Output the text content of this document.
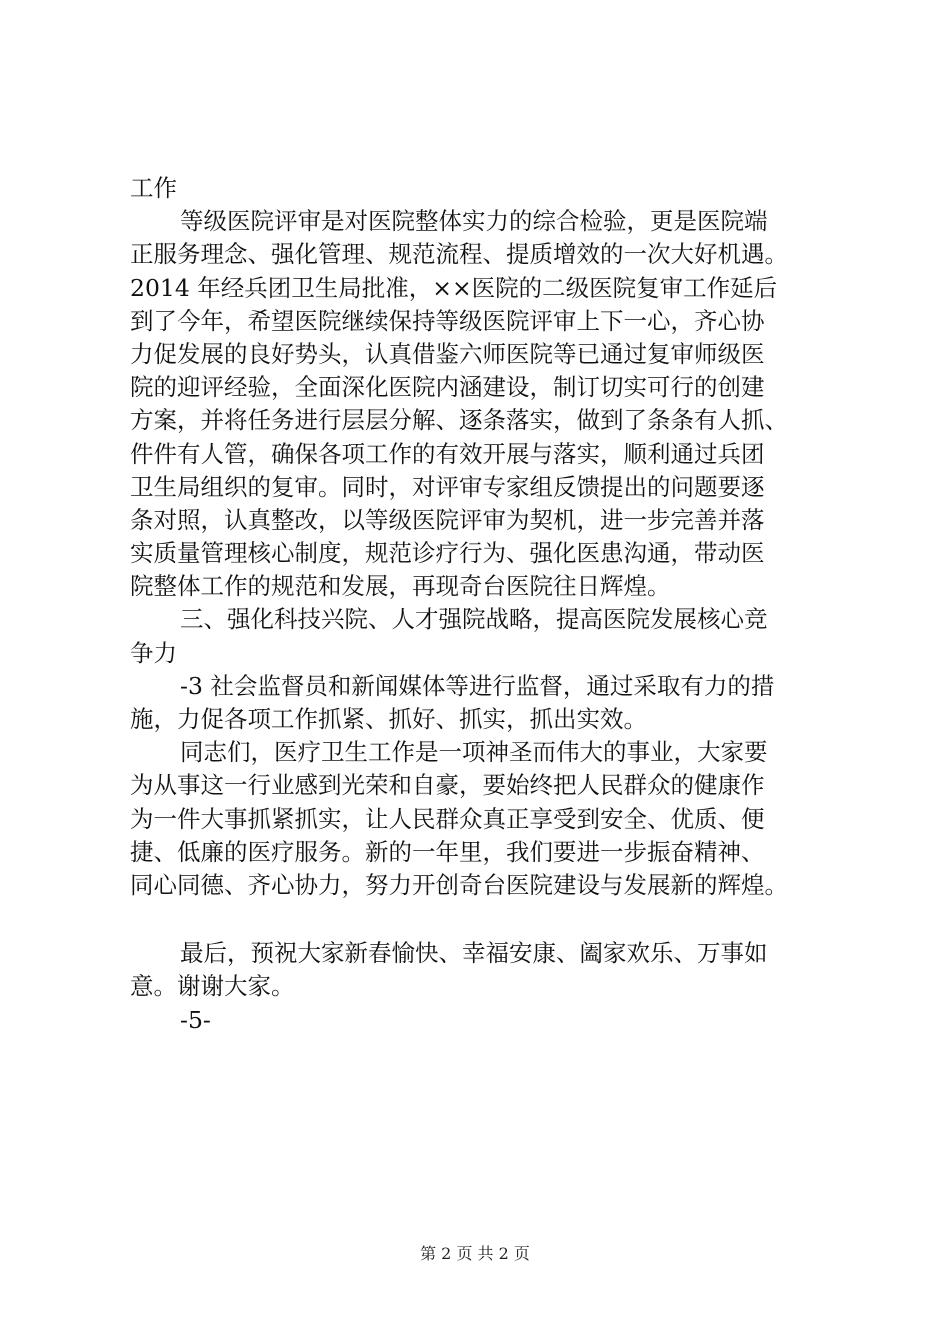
工作
等级医院评审是对医院整体实力的综合检验，更是医院端
正服务理念、强化管理、规范流程、提质增效的一次大好机遇。
2014 年经兵团卫生局批准，××医院的二级医院复审工作延后
到了今年，希望医院继续保持等级医院评审上下一心，齐心协
力促发展的良好势头，认真借鉴六师医院等已通过复审师级医
院的迎评经验，全面深化医院内涵建设，制订切实可行的创建
方案，并将任务进行层层分解、逐条落实，做到了条条有人抓、
件件有人管，确保各项工作的有效开展与落实，顺利通过兵团
卫生局组织的复审。同时，对评审专家组反馈提出的问题要逐
条对照，认真整改，以等级医院评审为契机，进一步完善并落
实质量管理核心制度，规范诊疗行为、强化医患沟通，带动医
院整体工作的规范和发展，再现奇台医院往日辉煌。
三、强化科技兴院、人才强院战略，提高医院发展核心竞
争力
-3 社会监督员和新闻媒体等进行监督，通过采取有力的措
施，力促各项工作抓紧、抓好、抓实，抓出实效。
同志们，医疗卫生工作是一项神圣而伟大的事业，大家要
为从事这一行业感到光荣和自豪，要始终把人民群众的健康作
为一件大事抓紧抓实，让人民群众真正享受到安全、优质、便
捷、低廉的医疗服务。新的一年里，我们要进一步振奋精神、
同心同德、齐心协力，努力开创奇台医院建设与发展新的辉煌。
最后，预祝大家新春愉快、幸福安康、阖家欢乐、万事如
意。谢谢大家。
-5-
第 2 页 共 2 页
